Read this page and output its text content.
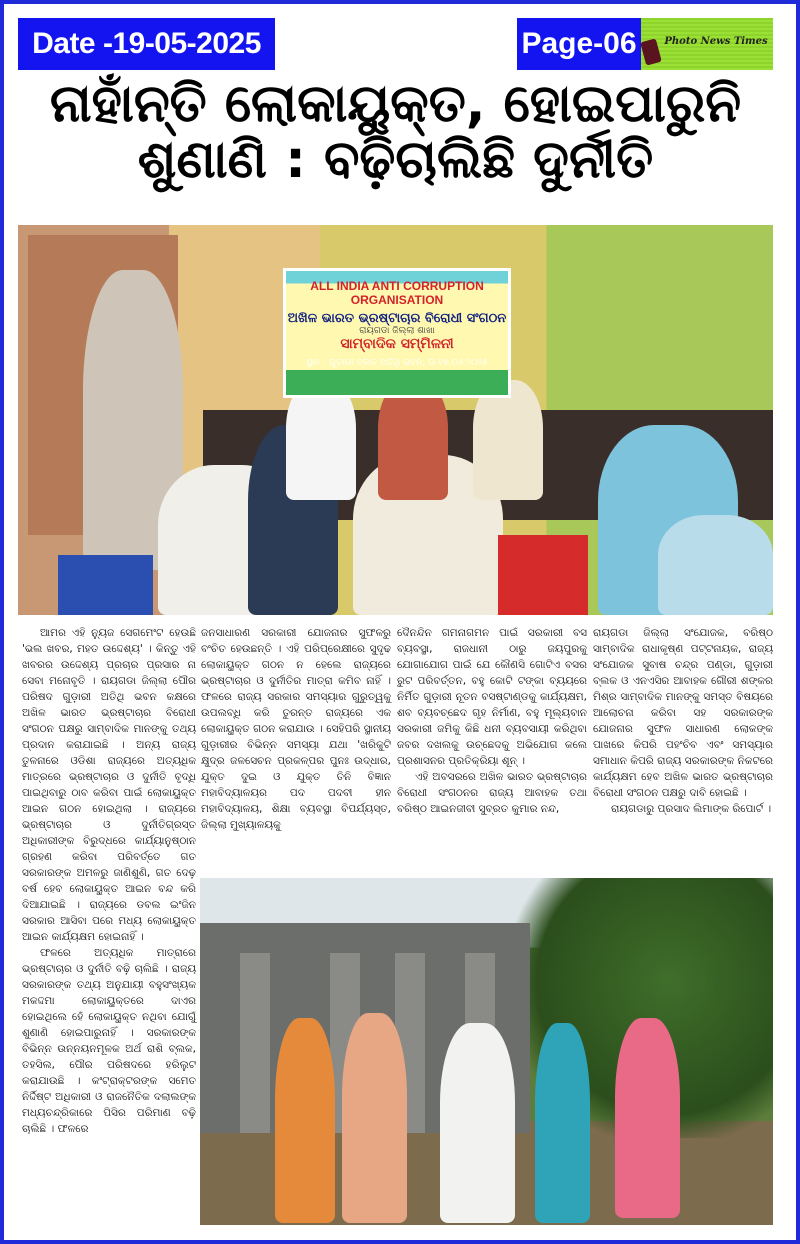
Date -19-05-2025	Page-06	Photo News Times
ନାହାଁନ୍ତି ଲୋକାୟୁକ୍ତ, ହୋଇପାରୁନି
ଶୁଣାଣି : ବଢ଼ିଚାଲିଛି ଦୁର୍ନୀତି
ALL INDIA ANTI CORRUPTION ORGANISATION
ଅଖିଳ ଭାରତ ଭ୍ରଷ୍ଟାଚାର ବିରୋଧୀ ସଂଗଠନ
ରାୟଗଡା ଜିଲ୍ଲା ଶାଖା
ସାମ୍ବାଦିକ ସମ୍ମିଳନୀ
ସ୍ଥାନ : ଗୁଡ଼ାରୀ ବ୍ଲକ ଅତିଥି ଭବନ, ତା-୧୭.୦୫.୨୦୨୫

ଆମର ଏହି ନ୍ୟୁଜ ସେଗମେଂଟ ହେଉଛି 'ଭଲ ଖବର, ମହତ ଉଦ୍ଦେଶ୍ୟ' । କିନ୍ତୁ ଏହି ଖବରର ଉଦ୍ଦେଶ୍ୟ ପ୍ରଚାର ପ୍ରସାର ନା ସେବା ମନୋବୃତି । ରାୟଗଡା ଜିଲ୍ଲା ପୌର ପରିଷଦ ଗୁଡ଼ାରୀ ଅତିଥି ଭବନ କକ୍ଷରେ ଅଖିଳ ଭାରତ ଭ୍ରଷ୍ଟାଚାର ବିରୋଧୀ ସଂଗଠନ ପକ୍ଷରୁ ସାମ୍ବାଦିକ ମାନଙ୍କୁ ତଥ୍ୟ ପ୍ରଦାନ କରାଯାଇଛି । ଅନ୍ୟ ରାଜ୍ୟ ତୁଳନାରେ ଓଡିଶା ରାଜ୍ୟରେ ଅତ୍ୟଧିକ ମାତ୍ରରେ ଭ୍ରଷ୍ଟାଚାର ଓ ଦୁର୍ନୀତି ବୃଦ୍ଧି ପାଇଥିବାରୁ ଠାବ କରିବା ପାଇଁ ଲୋକାୟୁକ୍ତ ଆଇନ ଗଠନ ହୋଇଥିଲା । ରାଜ୍ୟରେ ଭ୍ରଷ୍ଟାଚାର ଓ ଦୁର୍ନୀତିଗ୍ରସ୍ତ ଅଧିକାରୀଙ୍କ ବିରୁଦ୍ଧରେ କାର୍ଯ୍ୟାନୁଷ୍ଠାନ ଗ୍ରହଣ କରିବା ପରିବର୍ତ୍ତେ ଗତ ସରକାରଙ୍କ ଅମଳରୁ ଜାଣିଶୁଣି, ଗତ ଦେଢ଼ ବର୍ଷ ହେବ ଲୋକାୟୁକ୍ତ ଆଇନ ବନ୍ଦ କରି ଦିଆଯାଇଛି । ରାଜ୍ୟରେ ଡବଲ ଇଂଜିନ ସରକାର ଆସିବା ପରେ ମଧ୍ୟ ଲୋକାୟୁକ୍ତ ଆଇନ କାର୍ଯ୍ୟକ୍ଷମ ହୋଇନାହିଁ ।

ଫଳରେ ଅତ୍ୟଧିକ ମାତ୍ରାରେ ଭ୍ରଷ୍ଟାଚାର ଓ ଦୁର୍ନୀତି ବଢ଼ି ଚାଲିଛି । ରାଜ୍ୟ ସରକାରଙ୍କ ତଥ୍ୟ ଅନୁଯାୟୀ ବହୁସଂଖ୍ୟକ ମକଦ୍ଦମା ଲୋକାୟୁକ୍ତରେ ଦାଏର ହୋଇଥିଲେ ହେଁ ଲୋକାୟୁକ୍ତ ନଥିବା ଯୋଗୁଁ ଶୁଣାଣି ହୋଇପାରୁନାହିଁ । ସରକାରଙ୍କ ବିଭିନ୍ନ ଉନ୍ନୟନମୂଳକ ଅର୍ଥ ରାଶି ବ୍ଲକ, ତହସିଲ, ପୌର ପରିଷଦରେ ହରିଲୁଟ କରାଯାଉଛି । କଂଟ୍ରାକ୍ଟରଙ୍କ ସମେତ ନିର୍ଦ୍ଦିଷ୍ଟ ଅଧିକାରୀ ଓ ରାଜନୈତିକ ଦଲାଲଙ୍କ ମଧ୍ୟଚନ୍ଦ୍ରିକାରେ ପିସିର ପରିମାଣ ବଢ଼ି ଚାଲିଛି । ଫଳରେ

ଜନସାଧାରଣ ସରକାରୀ ଯୋଜନାର ସୁଫଳରୁ ବଂଚିତ ହେଉଛନ୍ତି । ଏହି ପରିପ୍ରେକ୍ଷୀରେ ସୁଦୃଢ ଲୋକାୟୁକ୍ତ ଗଠନ ନ ହେଲେ ରାଜ୍ୟରେ ଭ୍ରଷ୍ଟାଚାର ଓ ଦୁର୍ନୀତିର ମାତ୍ରା କମିବ ନାହିଁ । ଫଳରେ ରାଜ୍ୟ ସରକାର ସମସ୍ୟାର ଗୁରୁତ୍ୱକୁ ଉପଲବ୍ଧି କରି ତୁରନ୍ତ ରାଜ୍ୟରେ ଏକ ଲୋକାୟୁକ୍ତ ଗଠନ କରାଯାଉ । ସେହିପରି ସ୍ଥାନୀୟ ଗୁଡ଼ାରୀର ବିଭିନ୍ନ ସମସ୍ୟା ଯଥା 'ଖରିକୁଟି କ୍ଷୁଦ୍ର ଜଳସେଚନ ପ୍ରକଳ୍ପର ପୁନଃ ଉଦ୍ଧାର, ଯୁକ୍ତ ଦୁଇ ଓ ଯୁକ୍ତ ତିନି ବିଜ୍ଞାନ ମହାବିଦ୍ୟାଳୟର ପଦ ପଦବୀ ହୀନ ମହାବିଦ୍ୟାଳୟ, ଶିକ୍ଷା ବ୍ୟବସ୍ଥା ବିପର୍ଯ୍ୟସ୍ତ, ଜିଲ୍ଲା ମୁଖ୍ୟାଳୟକୁ

ଦୈନନ୍ଦିନ ଗମନାଗମନ ପାଇଁ ସରକାରୀ ବସ ବ୍ୟବସ୍ଥା, ରାଜଧାନୀ ଠାରୁ ଜୟପୁରକୁ ଯୋଗାଯୋଗ ପାଇଁ ଯେ କୌଣସି ଗୋଟିଏ ବସର ରୁଟ ପରିବର୍ତ୍ତନ, ବହୁ କୋଟି ଟଙ୍କା ବ୍ୟୟରେ ନିର୍ମିତ ଗୁଡ଼ାରୀ ନୂତନ ବସଷ୍ଟାଣ୍ଡକୁ କାର୍ଯ୍ୟକ୍ଷମ, ଶବ ବ୍ୟବଚ୍ଛେଦ ଗୃହ ନିର୍ମାଣ, ବହୁ ମୂଲ୍ୟବାନ ସରକାରୀ ଜମିକୁ କିଛି ଧନୀ ବ୍ୟବସାୟୀ କରିଥିବା ଜବର ଦଖଲକୁ ଉଚ୍ଛେଦକୁ ଅଭିଯୋଗ କଲେ ପ୍ରଶାସନର ପ୍ରତିକ୍ରିୟା ଶୂନ୍ ।

ଏହି ଅବସରରେ ଅଖିଳ ଭାରତ ଭ୍ରଷ୍ଟାଚାର ବିରୋଧୀ ସଂଗଠନର ରାଜ୍ୟ ଆବାହକ ତଥା ବରିଷ୍ଠ ଆଇନଜୀବୀ ସୁବ୍ରତ କୁମାର ନନ୍ଦ,

ରାୟଗଡା ଜିଲ୍ଲା ସଂଯୋଜକ, ବରିଷ୍ଠ ସାମ୍ବାଦିକ ରାଧାକୃଷ୍ଣ ପଟ୍ଟନାୟକ, ରାଜ୍ୟ ସଂଯୋଜକ ସୁବାଷ ଚନ୍ଦ୍ର ପଣ୍ଡା, ଗୁଡ଼ାରୀ ବ୍ଲକ ଓ ଏନଏସିର ଆବାହକ ଗୌରୀ ଶଙ୍କର ମିଶ୍ର ସାମ୍ବାଦିକ ମାନଙ୍କୁ ସମସ୍ତ ବିଷୟରେ ଆଲୋଚନା କରିବା ସହ ସରକାରଙ୍କ ଯୋଜନାର ସୁଫଳ ସାଧାରଣ ଲୋକଙ୍କ ପାଖରେ କିପରି ପହଂଚିବ ଏବଂ ସମସ୍ୟାର ସମାଧାନ କିପରି ରାଜ୍ୟ ସରକାରଙ୍କ ନିକଟରେ କାର୍ଯ୍ୟକ୍ଷମ ହେବ ଅଖିଳ ଭାରତ ଭ୍ରଷ୍ଟାଚାର ବିରୋଧୀ ସଂଗଠନ ପକ୍ଷରୁ ଦାବି ହୋଇଛି ।

ରାୟଗଡାରୁ ପ୍ରସାଦ ଲିମାଙ୍କ ରିପୋର୍ଟ ।
